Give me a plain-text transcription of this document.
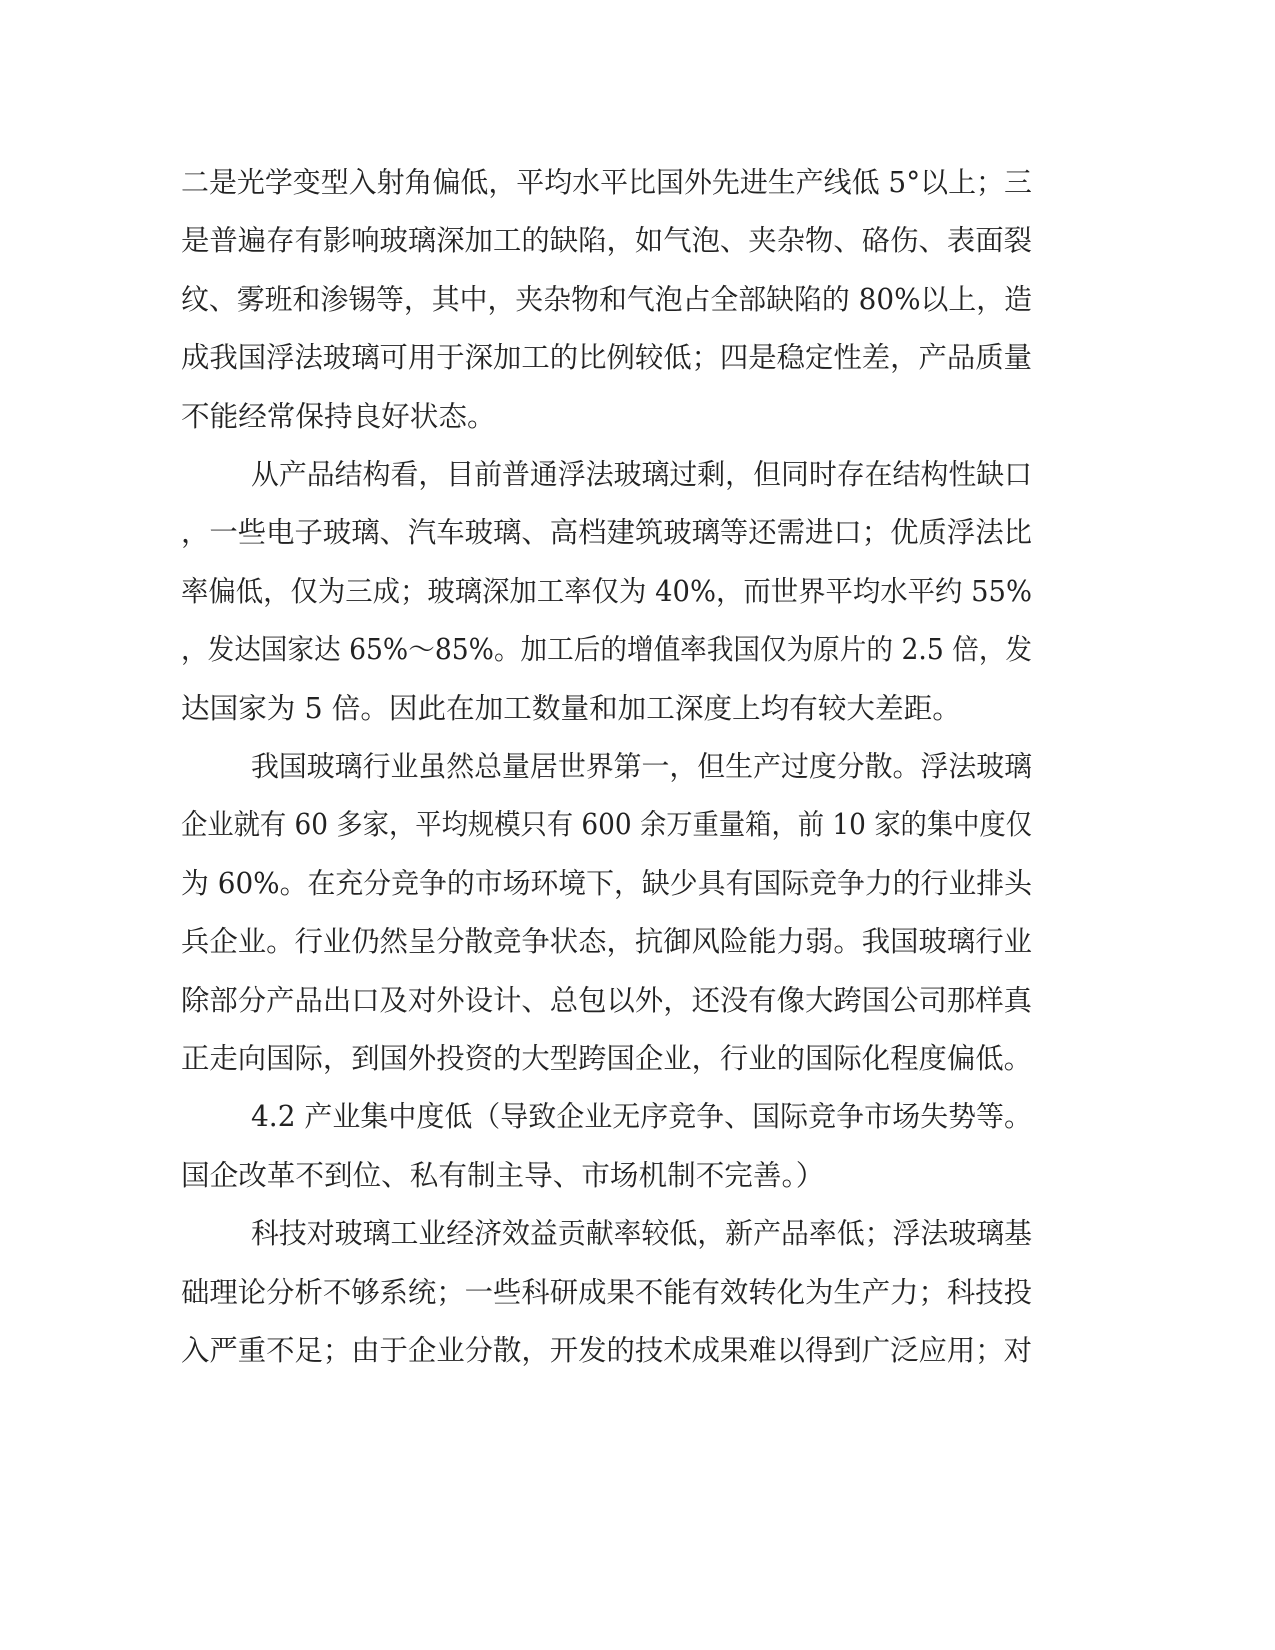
二是光学变型入射角偏低，平均水平比国外先进生产线低 5°以上；三

是普遍存有影响玻璃深加工的缺陷，如气泡、夹杂物、硌伤、表面裂

纹、雾班和渗锡等，其中，夹杂物和气泡占全部缺陷的 80%以上，造

成我国浮法玻璃可用于深加工的比例较低；四是稳定性差，产品质量

不能经常保持良好状态。

从产品结构看，目前普通浮法玻璃过剩，但同时存在结构性缺口

，一些电子玻璃、汽车玻璃、高档建筑玻璃等还需进口；优质浮法比

率偏低，仅为三成；玻璃深加工率仅为 40%，而世界平均水平约 55%

，发达国家达 65%～85%。加工后的增值率我国仅为原片的 2.5 倍，发

达国家为 5 倍。因此在加工数量和加工深度上均有较大差距。

我国玻璃行业虽然总量居世界第一，但生产过度分散。浮法玻璃

企业就有 60 多家，平均规模只有 600 余万重量箱，前 10 家的集中度仅

为 60%。在充分竞争的市场环境下，缺少具有国际竞争力的行业排头

兵企业。行业仍然呈分散竞争状态，抗御风险能力弱。我国玻璃行业

除部分产品出口及对外设计、总包以外，还没有像大跨国公司那样真

正走向国际，到国外投资的大型跨国企业，行业的国际化程度偏低。

4.2 产业集中度低（导致企业无序竞争、国际竞争市场失势等。

国企改革不到位、私有制主导、市场机制不完善。）

科技对玻璃工业经济效益贡献率较低，新产品率低；浮法玻璃基

础理论分析不够系统；一些科研成果不能有效转化为生产力；科技投

入严重不足；由于企业分散，开发的技术成果难以得到广泛应用；对
